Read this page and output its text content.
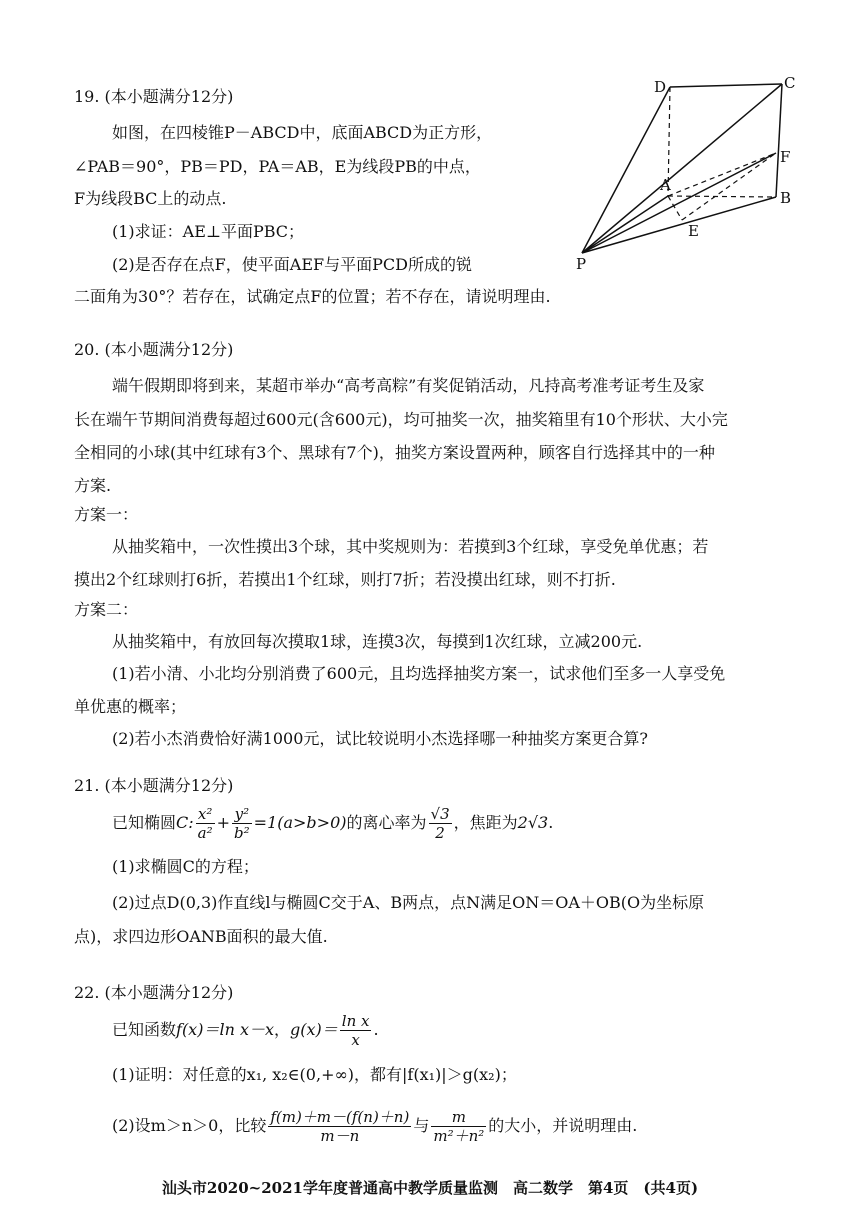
19. (本小题满分12分)
如图，在四棱锥P－ABCD中，底面ABCD为正方形，
∠PAB＝90°，PB＝PD，PA＝AB，E为线段PB的中点，
F为线段BC上的动点.
(1)求证：AE⊥平面PBC；
(2)是否存在点F，使平面AEF与平面PCD所成的锐
二面角为30°？若存在，试确定点F的位置；若不存在，请说明理由.
D	C
F
A
B
E
P
20. (本小题满分12分)
端午假期即将到来，某超市举办“高考高粽”有奖促销活动，凡持高考准考证考生及家
长在端午节期间消费每超过600元(含600元)，均可抽奖一次，抽奖箱里有10个形状、大小完
全相同的小球(其中红球有3个、黑球有7个)，抽奖方案设置两种，顾客自行选择其中的一种
方案.
方案一：
从抽奖箱中，一次性摸出3个球，其中奖规则为：若摸到3个红球，享受免单优惠；若
摸出2个红球则打6折，若摸出1个红球，则打7折；若没摸出红球，则不打折.
方案二：
从抽奖箱中，有放回每次摸取1球，连摸3次，每摸到1次红球，立减200元.
(1)若小清、小北均分别消费了600元，且均选择抽奖方案一，试求他们至多一人享受免
单优惠的概率；
(2)若小杰消费恰好满1000元，试比较说明小杰选择哪一种抽奖方案更合算?
21. (本小题满分12分)
已知椭圆C: $\frac{\text{x²}}{\text{a²}} + \frac{\text{y²}}{\text{b²}} =1(a>b>0)$的离心率为 $\frac{√3}{2}$ ，焦距为2√3.
(1)求椭圆C的方程；
(2)过点D(0,3)作直线l与椭圆C交于A、B两点，点N满足ON＝OA＋OB(O为坐标原
点)，求四边形OANB面积的最大值.
22. (本小题满分12分)
已知函数f(x)＝ln x－x，$g(x)= \frac{\text{ln x}}{x}$ .
(1)证明：对任意的x₁, x₂∈(0,+∞)，都有|f(x₁)|＞g(x₂)；
(2)设m＞n＞0，比较 $\frac{f(m)+m-(f(n)+n)}{m-n}$ 与 $\frac{m}{\text{m²＋n²}}$ 的大小，并说明理由.
汕头市2020~2021学年度普通高中教学质量监测　高二数学　第4页　(共4页)
